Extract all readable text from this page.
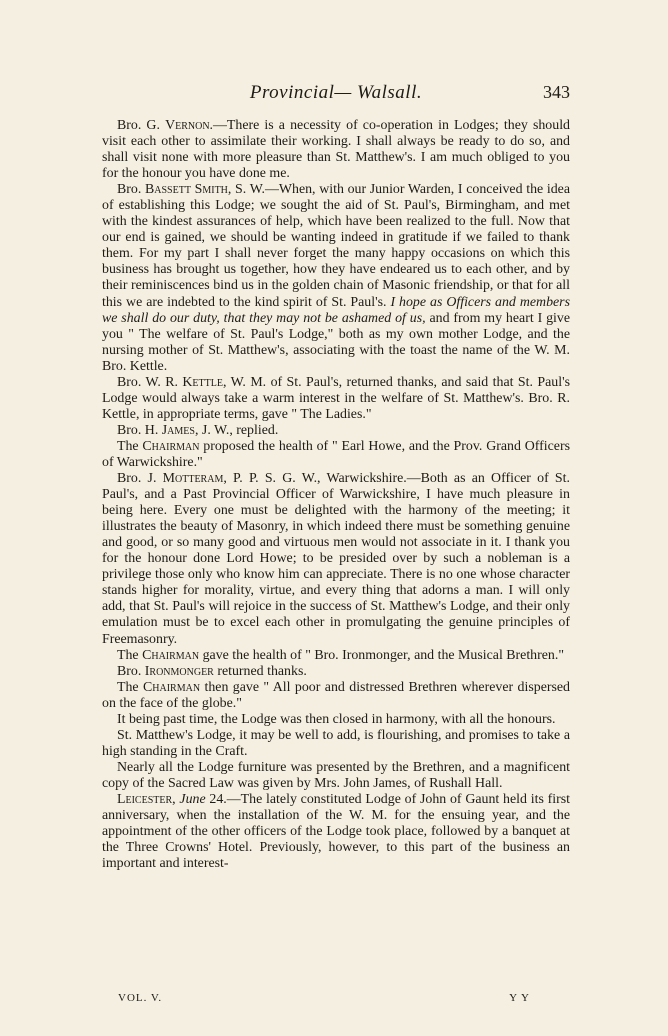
Provincial— Walsall.	343

Bro. G. Vernon.—There is a necessity of co-operation in Lodges; they should visit each other to assimilate their working. I shall always be ready to do so, and shall visit none with more pleasure than St. Matthew's. I am much obliged to you for the honour you have done me.

Bro. Bassett Smith, S. W.—When, with our Junior Warden, I conceived the idea of establishing this Lodge; we sought the aid of St. Paul's, Birmingham, and met with the kindest assurances of help, which have been realized to the full. Now that our end is gained, we should be wanting indeed in gratitude if we failed to thank them. For my part I shall never forget the many happy occasions on which this business has brought us together, how they have endeared us to each other, and by their reminiscences bind us in the golden chain of Masonic friendship, or that for all this we are indebted to the kind spirit of St. Paul's. I hope as Officers and members we shall do our duty, that they may not be ashamed of us, and from my heart I give you " The welfare of St. Paul's Lodge," both as my own mother Lodge, and the nursing mother of St. Matthew's, associating with the toast the name of the W. M. Bro. Kettle.

Bro. W. R. Kettle, W. M. of St. Paul's, returned thanks, and said that St. Paul's Lodge would always take a warm interest in the welfare of St. Matthew's. Bro. R. Kettle, in appropriate terms, gave " The Ladies."

Bro. H. James, J. W., replied.

The Chairman proposed the health of " Earl Howe, and the Prov. Grand Officers of Warwickshire."

Bro. J. Motteram, P. P. S. G. W., Warwickshire.—Both as an Officer of St. Paul's, and a Past Provincial Officer of Warwickshire, I have much pleasure in being here. Every one must be delighted with the harmony of the meeting; it illustrates the beauty of Masonry, in which indeed there must be something genuine and good, or so many good and virtuous men would not associate in it. I thank you for the honour done Lord Howe; to be presided over by such a nobleman is a privilege those only who know him can appreciate. There is no one whose character stands higher for morality, virtue, and every thing that adorns a man. I will only add, that St. Paul's will rejoice in the success of St. Matthew's Lodge, and their only emulation must be to excel each other in promulgating the genuine principles of Freemasonry.

The Chairman gave the health of " Bro. Ironmonger, and the Musical Brethren."

Bro. Ironmonger returned thanks.

The Chairman then gave " All poor and distressed Brethren wherever dispersed on the face of the globe."

It being past time, the Lodge was then closed in harmony, with all the honours.

St. Matthew's Lodge, it may be well to add, is flourishing, and promises to take a high standing in the Craft.

Nearly all the Lodge furniture was presented by the Brethren, and a magnificent copy of the Sacred Law was given by Mrs. John James, of Rushall Hall.

Leicester, June 24.—The lately constituted Lodge of John of Gaunt held its first anniversary, when the installation of the W. M. for the ensuing year, and the appointment of the other officers of the Lodge took place, followed by a banquet at the Three Crowns' Hotel. Previously, however, to this part of the business an important and interest-

VOL. V.	Y Y
